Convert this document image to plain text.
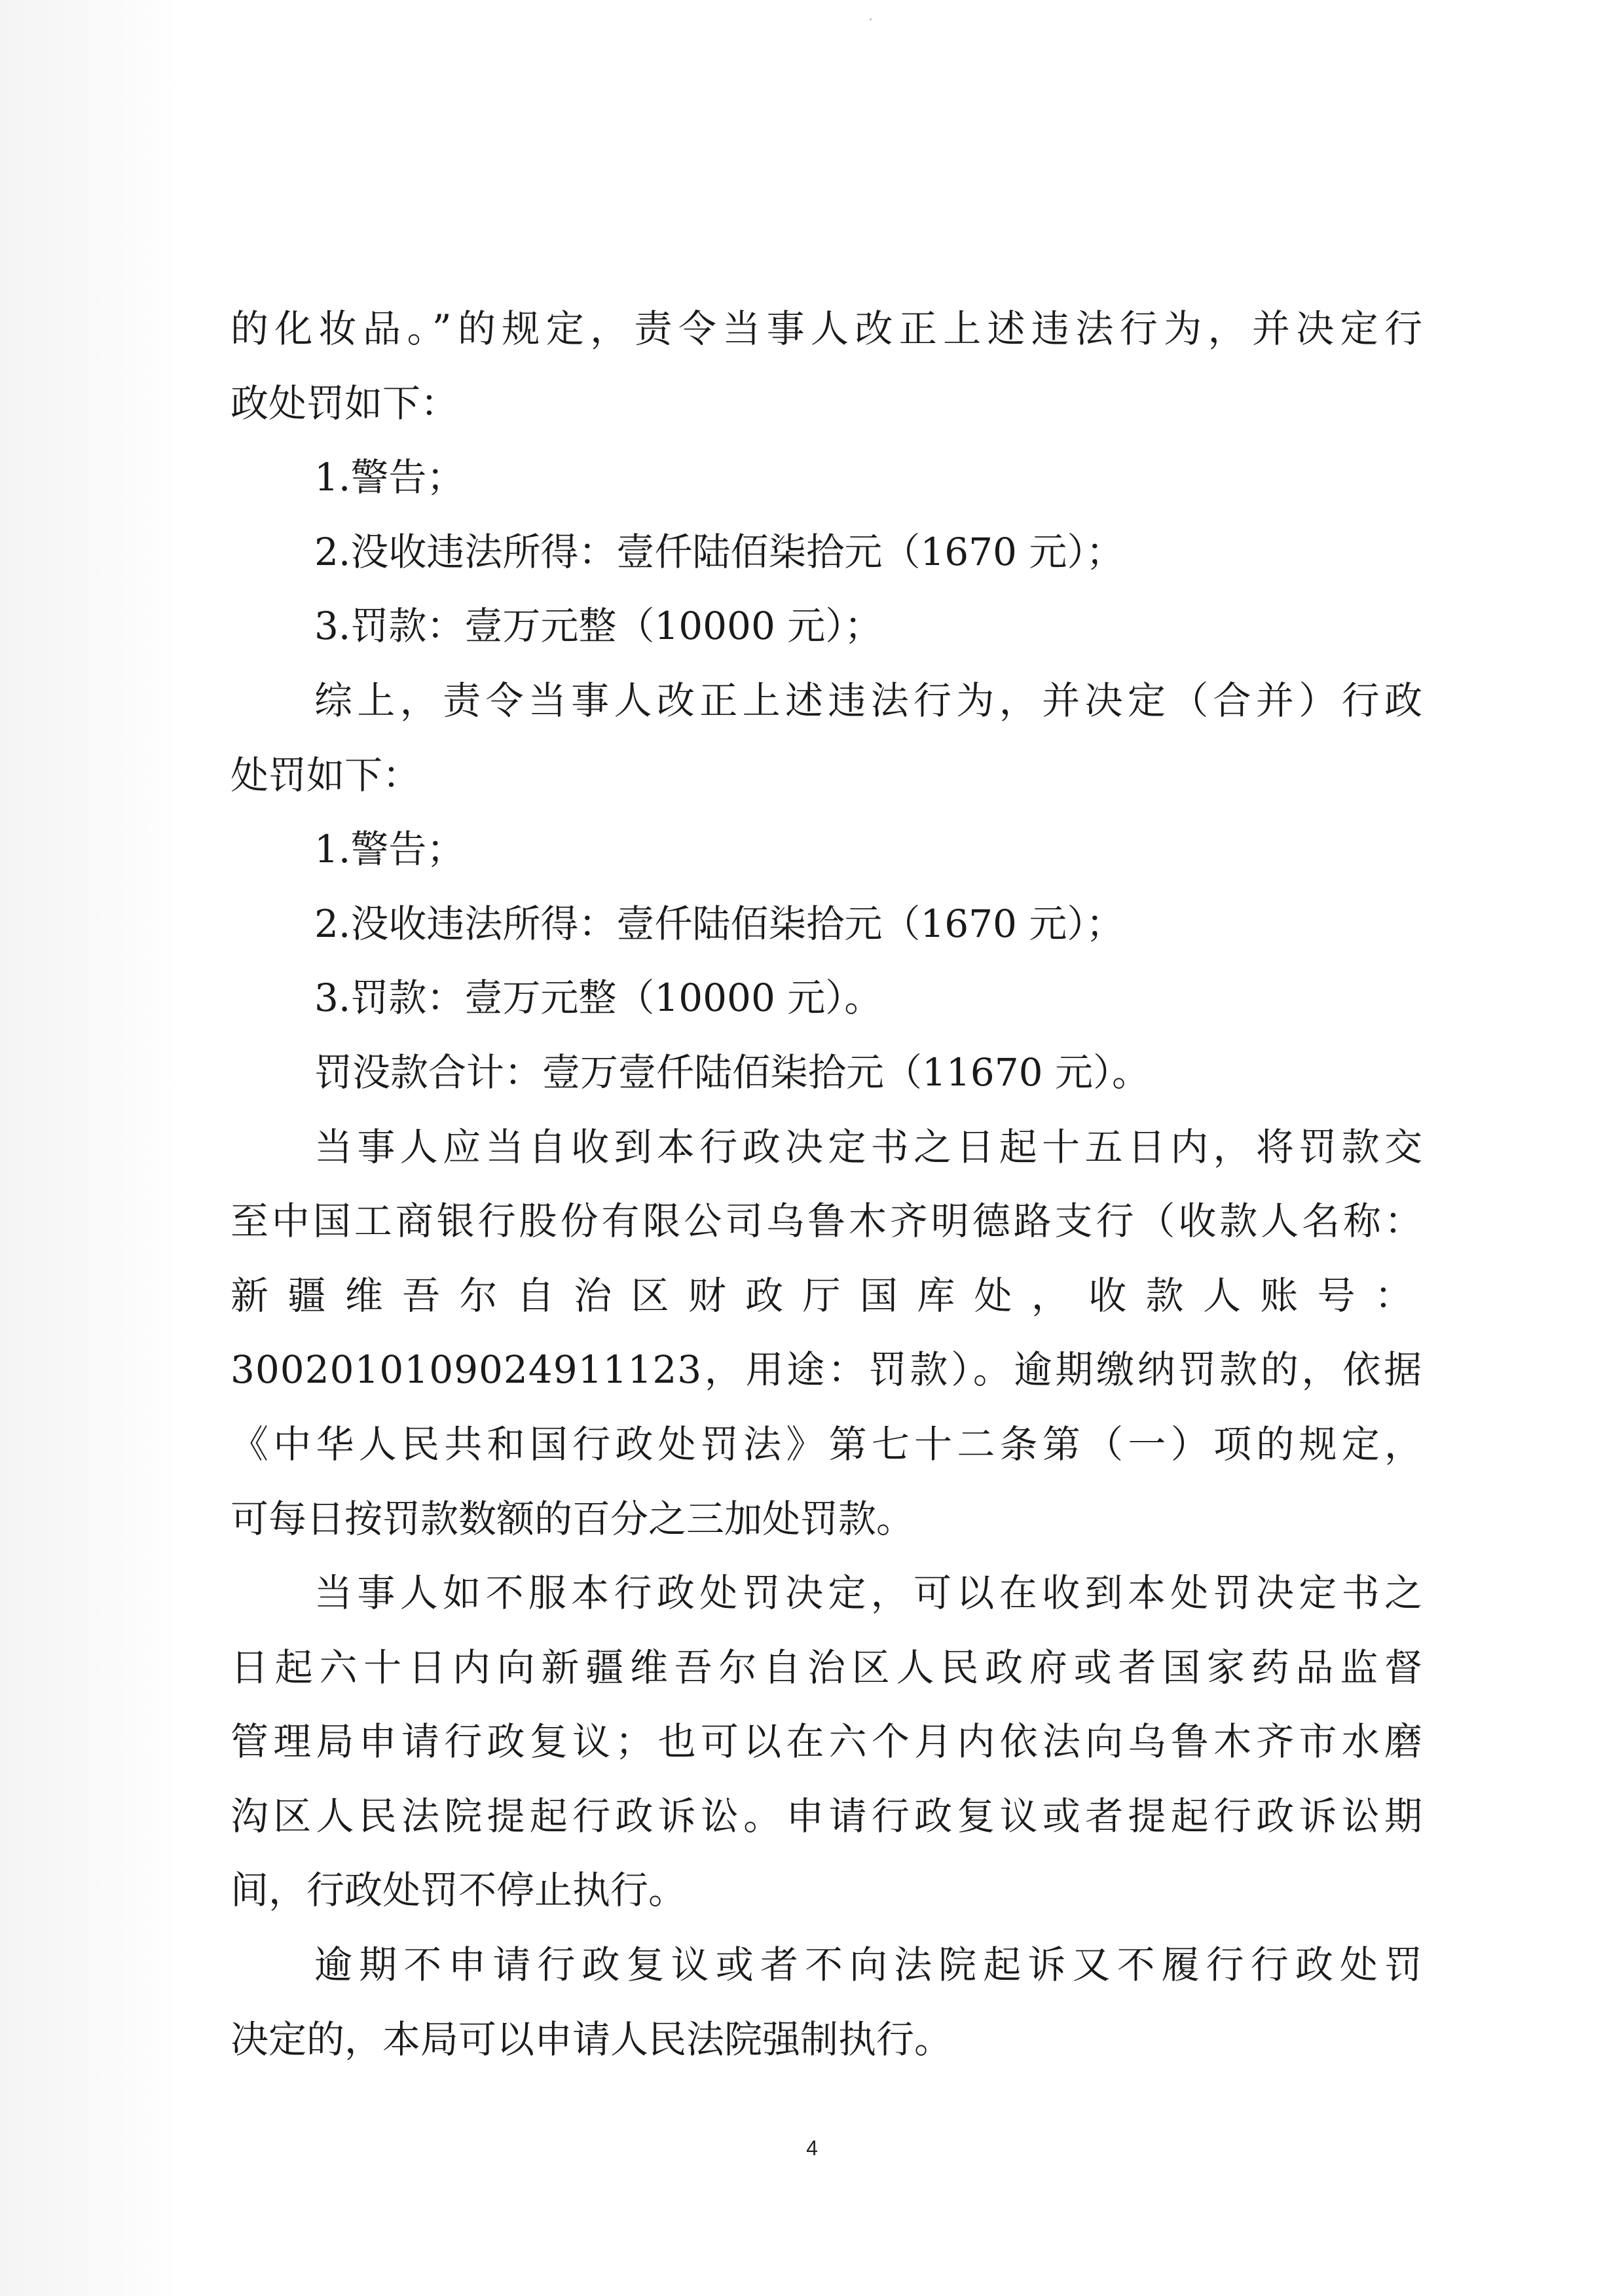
的化妆品。”的规定，责令当事人改正上述违法行为，并决定行
政处罚如下：
1.警告；
2.没收违法所得：壹仟陆佰柒拾元（1670 元）；
3.罚款：壹万元整（10000 元）；
综上，责令当事人改正上述违法行为，并决定（合并）行政
处罚如下：
1.警告；
2.没收违法所得：壹仟陆佰柒拾元（1670 元）；
3.罚款：壹万元整（10000 元）。
罚没款合计：壹万壹仟陆佰柒拾元（11670 元）。
当事人应当自收到本行政决定书之日起十五日内，将罚款交
至中国工商银行股份有限公司乌鲁木齐明德路支行（收款人名称：
新疆维吾尔自治区财政厅国库处，收款人账号：
3002010109024911123，用途：罚款）。逾期缴纳罚款的，依据
《中华人民共和国行政处罚法》第七十二条第（一）项的规定，
可每日按罚款数额的百分之三加处罚款。
当事人如不服本行政处罚决定，可以在收到本处罚决定书之
日起六十日内向新疆维吾尔自治区人民政府或者国家药品监督
管理局申请行政复议；也可以在六个月内依法向乌鲁木齐市水磨
沟区人民法院提起行政诉讼。申请行政复议或者提起行政诉讼期
间，行政处罚不停止执行。
逾期不申请行政复议或者不向法院起诉又不履行行政处罚
决定的，本局可以申请人民法院强制执行。
4
